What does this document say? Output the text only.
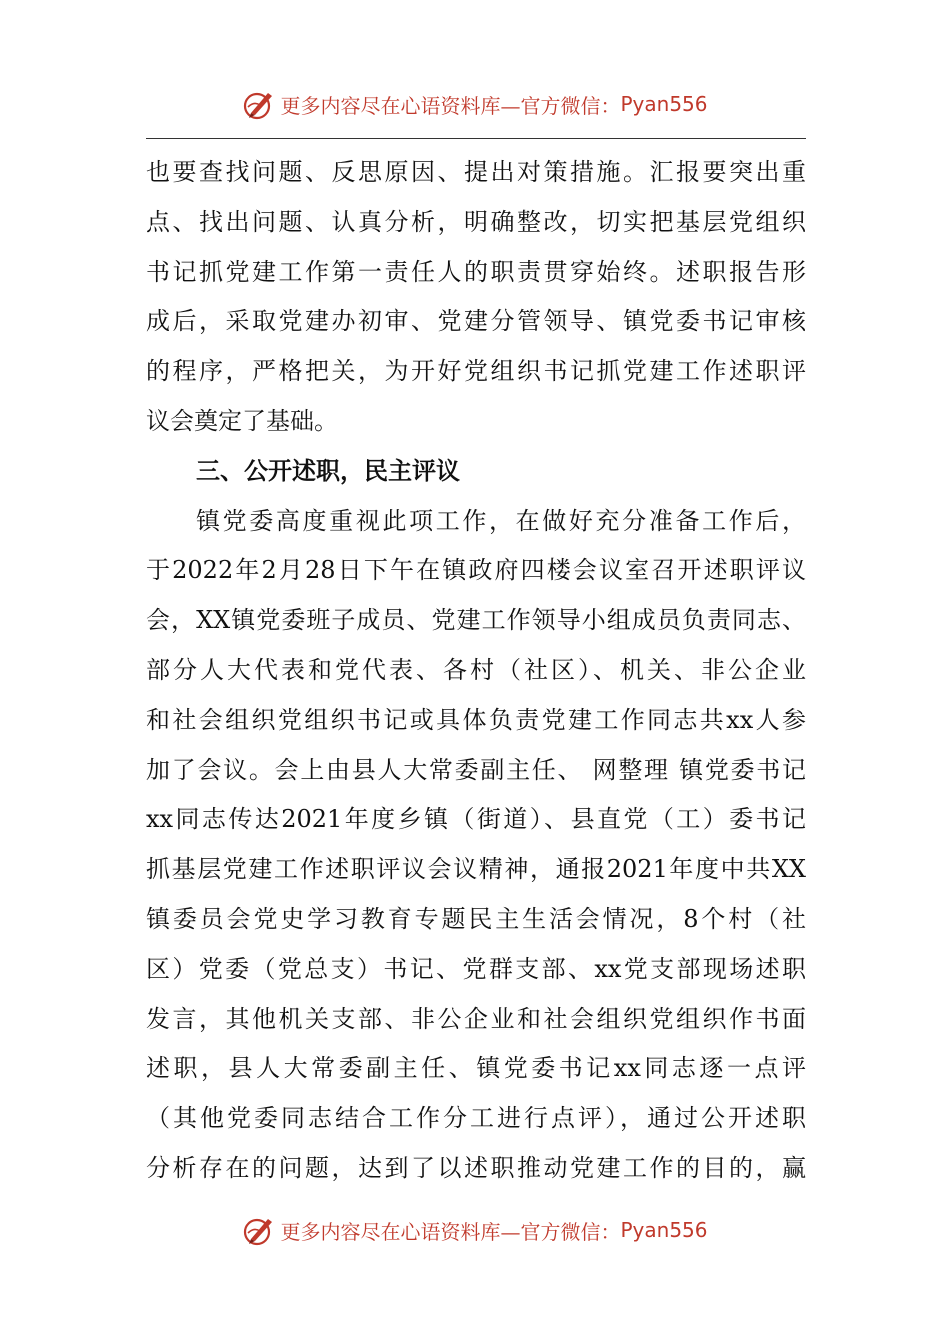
更多内容尽在心语资料库 —官方微信： Pyan556
也要查找问题、反思原因、提出对策措施。汇报要突出重
点、找出问题、认真分析，明确整改，切实把基层党组织
书记抓党建工作第一责任人的职责贯穿始终。述职报告形
成后，采取党建办初审、党建分管领导、镇党委书记审核
的程序，严格把关，为开好党组织书记抓党建工作述职评
议会奠定了基础。
三、公开述职，民主评议
镇党委高度重视此项工作，在做好充分准备工作后，
于2022年2月28日下午在镇政府四楼会议室召开述职评议
会，XX镇党委班子成员、党建工作领导小组成员负责同志、
部分人大代表和党代表、各村（社区）、机关、非公企业
和社会组织党组织书记或具体负责党建工作同志共xx人参
加了会议。会上由县人大常委副主任、 网整理 镇党委书记
xx同志传达2021年度乡镇（街道）、县直党（工）委书记
抓基层党建工作述职评议会议精神，通报2021年度中共XX
镇委员会党史学习教育专题民主生活会情况，8个村（社
区）党委（党总支）书记、党群支部、xx党支部现场述职
发言，其他机关支部、非公企业和社会组织党组织作书面
述职，县人大常委副主任、镇党委书记xx同志逐一点评
（其他党委同志结合工作分工进行点评），通过公开述职
分析存在的问题，达到了以述职推动党建工作的目的，赢
更多内容尽在心语资料库 —官方微信： Pyan556
